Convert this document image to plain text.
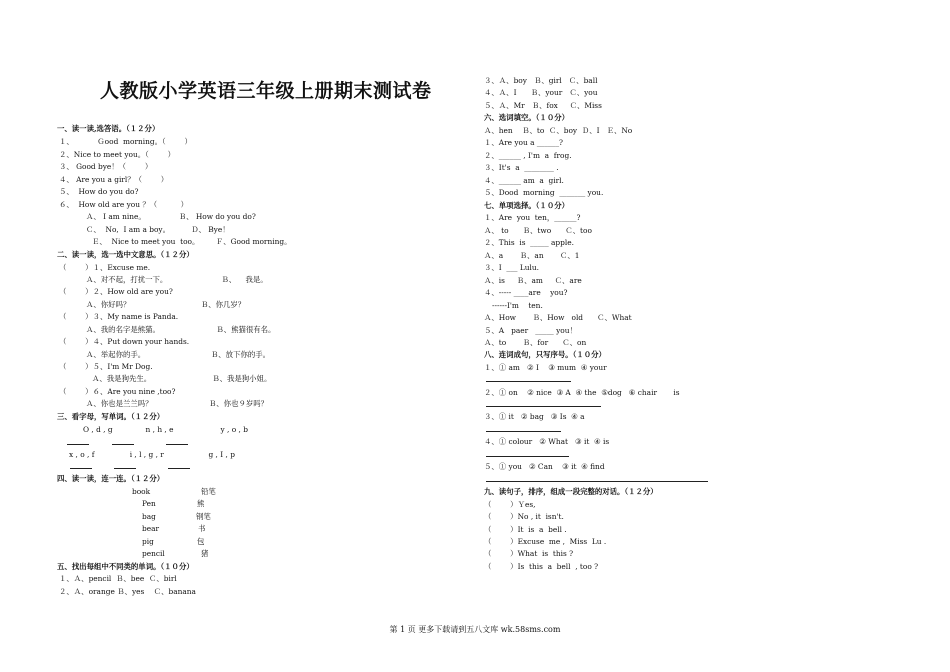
人教版小学英语三年级上册期末测试卷
一、读一读,选答语。（１２分）
１、          Ｇood  morning。（        ）
２、Nice to meet you。（        ）
３、 Good bye！（        ）
４、 Are you a girl？（        ）
５、  How do you do?
６、  How old are you ？（          ）
Ａ、 I am nine。              Ｂ、 How do you do?
Ｃ、  No,  I am a boy。         Ｄ、 Bye！
Ｅ、  Nice to meet you  too。       Ｆ、Good morning。
二、读一读，选一选中文意思。（１２分）
（        ）１、Excuse me.
Ａ、对不起，打扰一下。                       Ｂ、    我是。
（        ）２、How old are you?
Ａ、你好吗？                              Ｂ、你几岁？
（        ）３、My name is Panda.
Ａ、我的名字是熊猫。                        Ｂ、熊猫很有名。
（        ）４、Put down your hands.
Ａ、举起你的手。                            Ｂ、放下你的手。
（        ）５、I'm Mr Dog.
Ａ、我是狗先生。                          Ｂ、我是狗小姐。
（        ）６、Are you nine ,too?
Ａ、你也是兰兰吗？                        Ｂ、你也９岁吗？
三、看字母，写单词。（１２分）
O , d , g              n , h , e                    y , o , b
x , o , f               i , l , g , r                   g , I , p
四、读一读，连一连。（１２分）
book	铅笔
Pen	熊
bag	钢笔
bear	书
pig	包
pencil	猪
五、找出每组中不同类的单词。（１０分）
１、Ａ、pencil  Ｂ、bee  Ｃ、birl
２、Ａ、orange Ｂ、yes    Ｃ、banana
３、Ａ、boy   Ｂ、girl   Ｃ、ball
４、Ａ、I      Ｂ、your   Ｃ、you
５、Ａ、Mr   Ｂ、fox     Ｃ、Miss
六、选词填空。（１０分）
Ａ、hen    Ｂ、to  Ｃ、boy  Ｄ、I   Ｅ、No
１、Are you a ______?
２、______ , I'm  a  frog.
３、It's  a  ________ .
４、______ am  a  girl.
５、Dood  morning  _______ you.
七、单项选择。（１０分）
１、Are  you  ten，______?
Ａ、 to      Ｂ、two      Ｃ、too
２、This  is  _____ apple.
Ａ、a       Ｂ、an       Ｃ、1
３、I  ___ Lulu.
Ａ、is     Ｂ、am     Ｃ、are
４、----- ____are    you?
------I'm    ten.
Ａ、How       Ｂ、How   old      Ｃ、What
５、A   paer   _____ you！
Ａ、to       Ｂ、for      Ｃ、on
八、连词成句，只写序号。（１０分）
１、① am   ② I    ③ mum  ④ your
２、① on    ② nice  ③ A  ④ the  ⑤dog   ⑥ chair       is
３、① it   ② bag   ③ Is  ④ a
４、① colour   ② What   ③ it  ④ is
５、① you   ② Can    ③ it  ④ find
九、读句子，排序，组成一段完整的对话。（１２分）
（        ）Ｙes,
（        ）No , it  isn't.
（        ）It  is  a  bell .
（        ）Excuse  me ,  Miss  Lu .
（        ）What  is  this ?
（        ）Is  this  a  bell  , too ?
第 1 页 更多下载请到五八文库 wk.58sms.com
